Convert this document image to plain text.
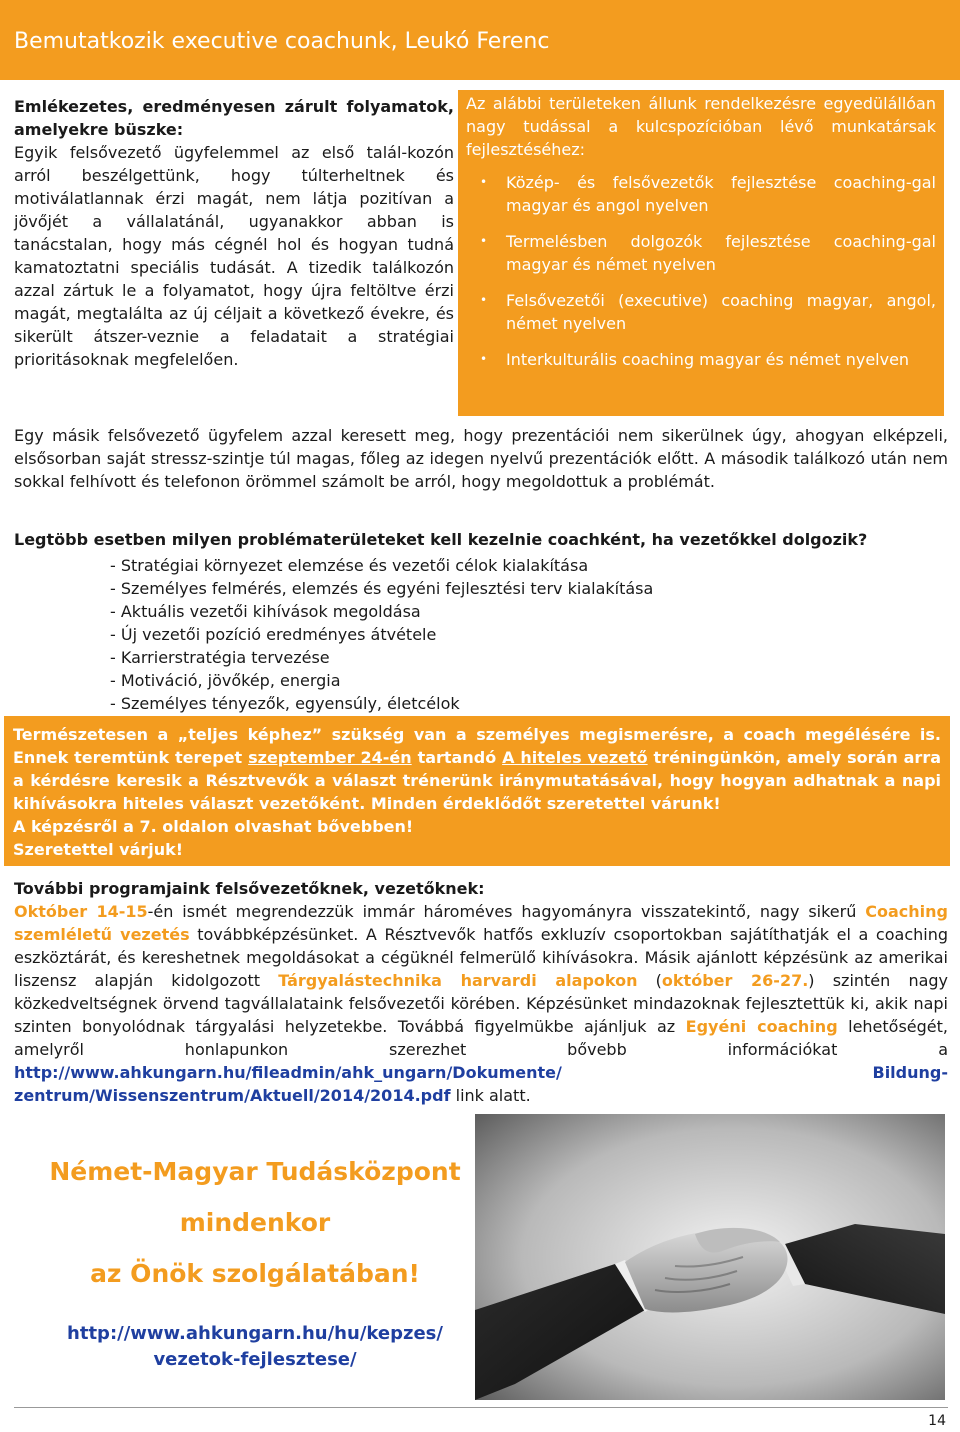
Bemutatkozik executive coachunk, Leukó Ferenc

Emlékezetes, eredményesen zárult folyamatok, amelyekre büszke:

Egyik felsővezető ügyfelemmel az első talál-kozón arról beszélgettünk, hogy túlterheltnek és motiválatlannak érzi magát, nem látja pozitívan a jövőjét a vállalatánál, ugyanakkor abban is tanácstalan, hogy más cégnél hol és hogyan tudná kamatoztatni speciális tudását. A tizedik találkozón azzal zártuk le a folyamatot, hogy újra feltöltve érzi magát, megtalálta az új céljait a következő évekre, és sikerült átszer-veznie a feladatait a stratégiai prioritásoknak megfelelően.

Az alábbi területeken állunk rendelkezésre egyedülállóan nagy tudással a kulcspozícióban lévő munkatársak fejlesztéséhez:

• Közép- és felsővezetők fejlesztése coaching-gal magyar és angol nyelven
• Termelésben dolgozók fejlesztése coaching-gal magyar és német nyelven
• Felsővezetői (executive) coaching magyar, angol, német nyelven
• Interkulturális coaching magyar és német nyelven

Egy másik felsővezető ügyfelem azzal keresett meg, hogy prezentációi nem sikerülnek úgy, ahogyan elképzeli, elsősorban saját stressz-szintje túl magas, főleg az idegen nyelvű prezentációk előtt. A második találkozó után nem sokkal felhívott és telefonon örömmel számolt be arról, hogy megoldottuk a problémát.

Legtöbb esetben milyen problématerületeket kell kezelnie coachként, ha vezetőkkel dolgozik?

- Stratégiai környezet elemzése és vezetői célok kialakítása
- Személyes felmérés, elemzés és egyéni fejlesztési terv kialakítása
- Aktuális vezetői kihívások megoldása
- Új vezetői pozíció eredményes átvétele
- Karrierstratégia tervezése
- Motiváció, jövőkép, energia
- Személyes tényezők, egyensúly, életcélok

Természetesen a „teljes képhez” szükség van a személyes megismerésre, a coach megélésére is. Ennek teremtünk terepet szeptember 24-én tartandó A hiteles vezető tréningünkön, amely során arra a kérdésre keresik a Résztvevők a választ trénerünk iránymutatásával, hogy hogyan adhatnak a napi kihívásokra hiteles választ vezetőként. Minden érdeklődőt szeretettel várunk!

A képzésről a 7. oldalon olvashat bővebben!

Szeretettel várjuk!

További programjaink felsővezetőknek, vezetőknek:

Október 14-15-én ismét megrendezzük immár hároméves hagyományra visszatekintő, nagy sikerű Coaching szemléletű vezetés továbbképzésünket. A Résztvevők hatfős exkluzív csoportokban sajátíthatják el a coaching eszköztárát, és kereshetnek megoldásokat a cégüknél felmerülő kihívásokra. Másik ajánlott képzésünk az amerikai liszensz alapján kidolgozott Tárgyalástechnika harvardi alapokon (október 26-27.) szintén nagy közkedveltségnek örvend tagvállalataink felsővezetői körében. Képzésünket mindazoknak fejlesztettük ki, akik napi szinten bonyolódnak tárgyalási helyzetekbe. Továbbá figyelmükbe ajánljuk az Egyéni coaching lehetőségét, amelyről honlapunkon szerezhet bővebb információkat a http://www.ahkungarn.hu/fileadmin/ahk_ungarn/Dokumente/ Bildung-zentrum/Wissenszentrum/Aktuell/2014/2014.pdf link alatt.

Német-Magyar Tudásközpont
mindenkor
az Önök szolgálatában!
http://www.ahkungarn.hu/hu/kepzes/
vezetok-fejlesztese/
14
